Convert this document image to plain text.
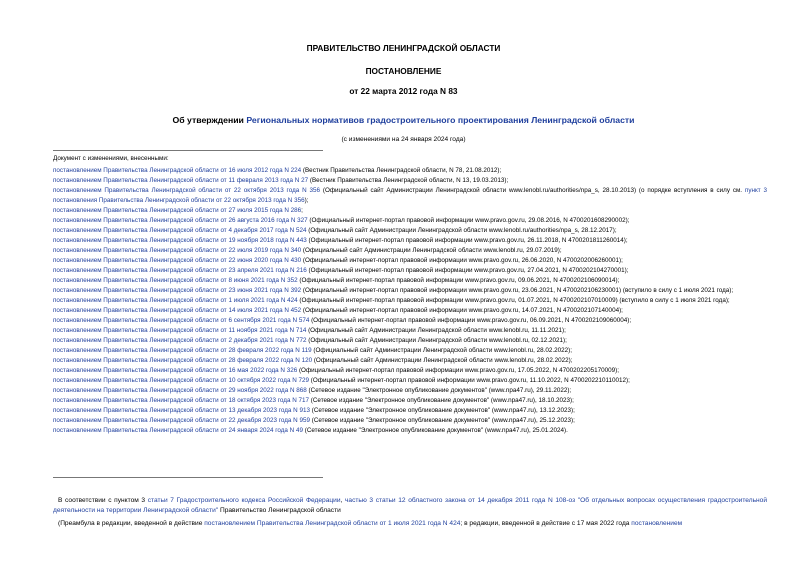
ПРАВИТЕЛЬСТВО ЛЕНИНГРАДСКОЙ ОБЛАСТИ
ПОСТАНОВЛЕНИЕ
от 22 марта 2012 года N 83
Об утверждении Региональных нормативов градостроительного проектирования Ленинградской области
(с изменениями на 24 января 2024 года)
Документ с изменениями, внесенными:

постановлением Правительства Ленинградской области от 16 июля 2012 года N 224 (Вестник Правительства Ленинградской области, N 78, 21.08.2012);

постановлением Правительства Ленинградской области от 11 февраля 2013 года N 27 (Вестник Правительства Ленинградской области, N 13, 19.03.2013);

постановлением Правительства Ленинградской области от 22 октября 2013 года N 356 (Официальный сайт Администрации Ленинградской области www.lenobl.ru/authorities/npa_s, 28.10.2013) (о порядке вступления в силу см. пункт 3 постановления Правительства Ленинградской области от 22 октября 2013 года N 356);

постановлением Правительства Ленинградской области от 27 июля 2015 года N 286;

постановлением Правительства Ленинградской области от 26 августа 2016 года N 327 (Официальный интернет-портал правовой информации www.pravo.gov.ru, 29.08.2016, N 4700201608290002);

постановлением Правительства Ленинградской области от 4 декабря 2017 года N 524 (Официальный сайт Администрации Ленинградской области www.lenobl.ru/authorities/npa_s, 28.12.2017);

постановлением Правительства Ленинградской области от 19 ноября 2018 года N 443 (Официальный интернет-портал правовой информации www.pravo.gov.ru, 26.11.2018, N 4700201811260014);

постановлением Правительства Ленинградской области от 22 июля 2019 года N 340 (Официальный сайт Администрации Ленинградской области www.lenobl.ru, 29.07.2019);

постановлением Правительства Ленинградской области от 22 июня 2020 года N 430 (Официальный интернет-портал правовой информации www.pravo.gov.ru, 26.06.2020, N 4700202006260001);

постановлением Правительства Ленинградской области от 23 апреля 2021 года N 216 (Официальный интернет-портал правовой информации www.pravo.gov.ru, 27.04.2021, N 4700202104270001);

постановлением Правительства Ленинградской области от 8 июня 2021 года N 352 (Официальный интернет-портал правовой информации www.pravo.gov.ru, 09.06.2021, N 4700202106090014);

постановлением Правительства Ленинградской области от 23 июня 2021 года N 392 (Официальный интернет-портал правовой информации www.pravo.gov.ru, 23.06.2021, N 4700202106230001) (вступило в силу с 1 июля 2021 года);

постановлением Правительства Ленинградской области от 1 июля 2021 года N 424 (Официальный интернет-портал правовой информации www.pravo.gov.ru, 01.07.2021, N 4700202107010009) (вступило в силу с 1 июля 2021 года);

постановлением Правительства Ленинградской области от 14 июля 2021 года N 452 (Официальный интернет-портал правовой информации www.pravo.gov.ru, 14.07.2021, N 4700202107140004);

постановлением Правительства Ленинградской области от 6 сентября 2021 года N 574 (Официальный интернет-портал правовой информации www.pravo.gov.ru, 06.09.2021, N 4700202109060004);

постановлением Правительства Ленинградской области от 11 ноября 2021 года N 714 (Официальный сайт Администрации Ленинградской области www.lenobl.ru, 11.11.2021);

постановлением Правительства Ленинградской области от 2 декабря 2021 года N 772 (Официальный сайт Администрации Ленинградской области www.lenobl.ru, 02.12.2021);

постановлением Правительства Ленинградской области от 28 февраля 2022 года N 119 (Официальный сайт Администрации Ленинградской области www.lenobl.ru, 28.02.2022);

постановлением Правительства Ленинградской области от 28 февраля 2022 года N 120 (Официальный сайт Администрации Ленинградской области www.lenobl.ru, 28.02.2022);

постановлением Правительства Ленинградской области от 16 мая 2022 года N 326 (Официальный интернет-портал правовой информации www.pravo.gov.ru, 17.05.2022, N 4700202205170009);

постановлением Правительства Ленинградской области от 10 октября 2022 года N 729 (Официальный интернет-портал правовой информации www.pravo.gov.ru, 11.10.2022, N 4700202210110012);

постановлением Правительства Ленинградской области от 29 ноября 2022 года N 868 (Сетевое издание "Электронное опубликование документов" (www.npa47.ru), 29.11.2022);

постановлением Правительства Ленинградской области от 18 октября 2023 года N 717 (Сетевое издание "Электронное опубликование документов" (www.npa47.ru), 18.10.2023);

постановлением Правительства Ленинградской области от 13 декабря 2023 года N 913 (Сетевое издание "Электронное опубликование документов" (www.npa47.ru), 13.12.2023);

постановлением Правительства Ленинградской области от 22 декабря 2023 года N 959 (Сетевое издание "Электронное опубликование документов" (www.npa47.ru), 25.12.2023);

постановлением Правительства Ленинградской области от 24 января 2024 года N 49 (Сетевое издание "Электронное опубликование документов" (www.npa47.ru), 25.01.2024).

В соответствии с пунктом 3 статьи 7 Градостроительного кодекса Российской Федерации, частью 3 статьи 12 областного закона от 14 декабря 2011 года N 108-оз "Об отдельных вопросах осуществления градостроительной деятельности на территории Ленинградской области" Правительство Ленинградской области
(Преамбула в редакции, введенной в действие постановлением Правительства Ленинградской области от 1 июля 2021 года N 424; в редакции, введенной в действие с 17 мая 2022 года постановлением
